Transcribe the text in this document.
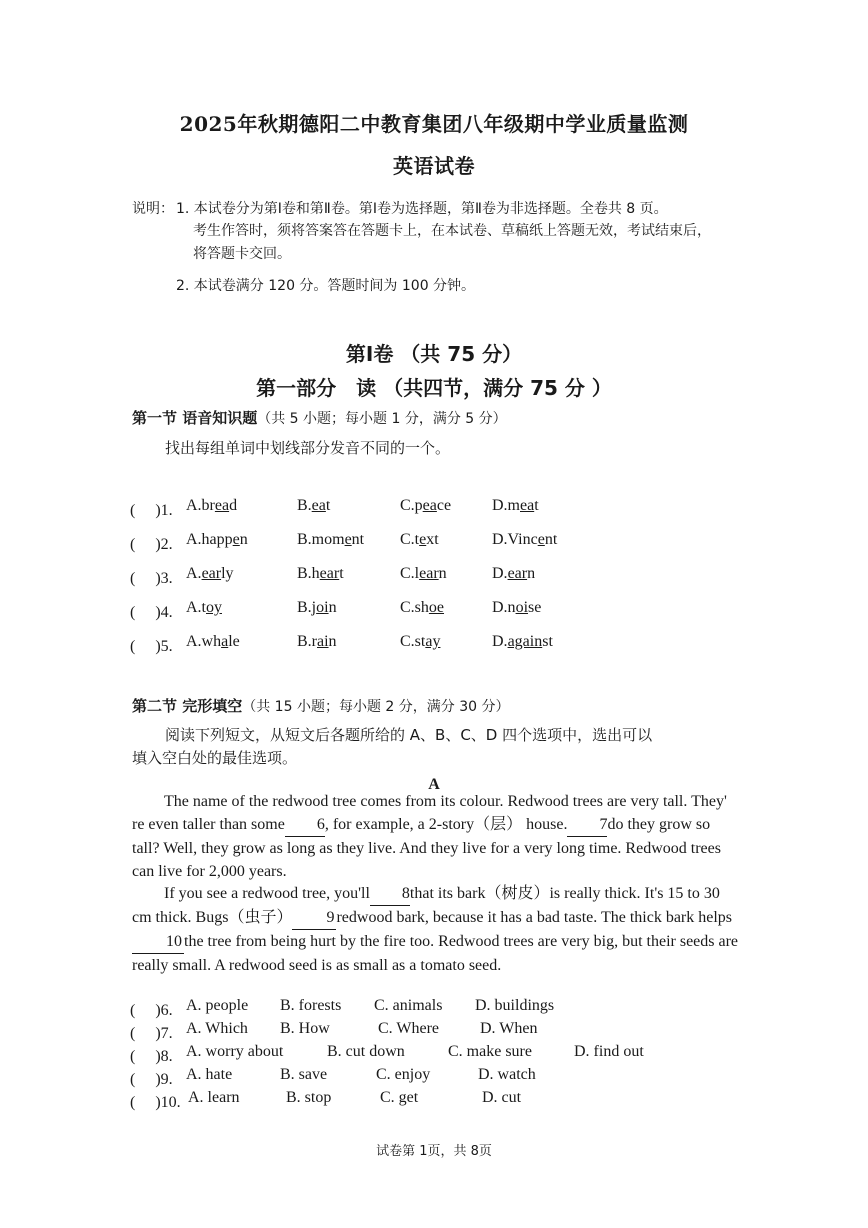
2025年秋期德阳二中教育集团八年级期中学业质量监测
英语试卷
说明： 1. 本试卷分为第Ⅰ卷和第Ⅱ卷。第Ⅰ卷为选择题，第Ⅱ卷为非选择题。全卷共 8 页。
考生作答时，须将答案答在答题卡上，在本试卷、草稿纸上答题无效，考试结束后，
将答题卡交回。
2. 本试卷满分 120 分。答题时间为 100 分钟。
第Ⅰ卷 （共 75 分）
第一部分　读 （共四节，满分 75 分 ）
第一节 语音知识题（共 5 小题；每小题 1 分，满分 5 分）
找出每组单词中划线部分发音不同的一个。
(　 )1. A.bread	B.eat	C.peace	D.meat
(　 )2. A.happen	B.moment C.text	D.Vincent
(　 )3. A.early	B.heart	C.learn	D.earn
(　 )4. A.toy	B.join	C.shoe	D.noise
(　 )5. A.whale	B.rain	C.stay	D.against
第二节 完形填空（共 15 小题；每小题 2 分，满分 30 分）
阅读下列短文，从短文后各题所给的 A、B、C、D 四个选项中，选出可以
填入空白处的最佳选项。
A
The name of the redwood tree comes from its colour. Redwood trees are very tall. They' re even taller than some 6, for example, a 2-story（层） house. 7do they grow so tall? Well, they grow as long as they live. And they live for a very long time. Redwood trees can live for 2,000 years.
If you see a redwood tree, you'll 8that its bark（树皮）is really thick. It's 15 to 30 cm thick. Bugs（虫子） 9 redwood bark, because it has a bad taste. The thick bark helps10 the tree from being hurt by the fire too. Redwood trees are very big, but their seeds are really small. A redwood seed is as small as a tomato seed.
(　 )6. A. people B. forests C. animals D. buildings
(　 )7. A. Which B. How	C. Where	D. When
(　 )8. A. worry about	B. cut down	C. make sure	D. find out
(　 )9. A. hate	B. save	C. enjoy	D. watch
(　 )10. A. learn	B. stop	C. get	D. cut
试卷第 1页，共 8页
